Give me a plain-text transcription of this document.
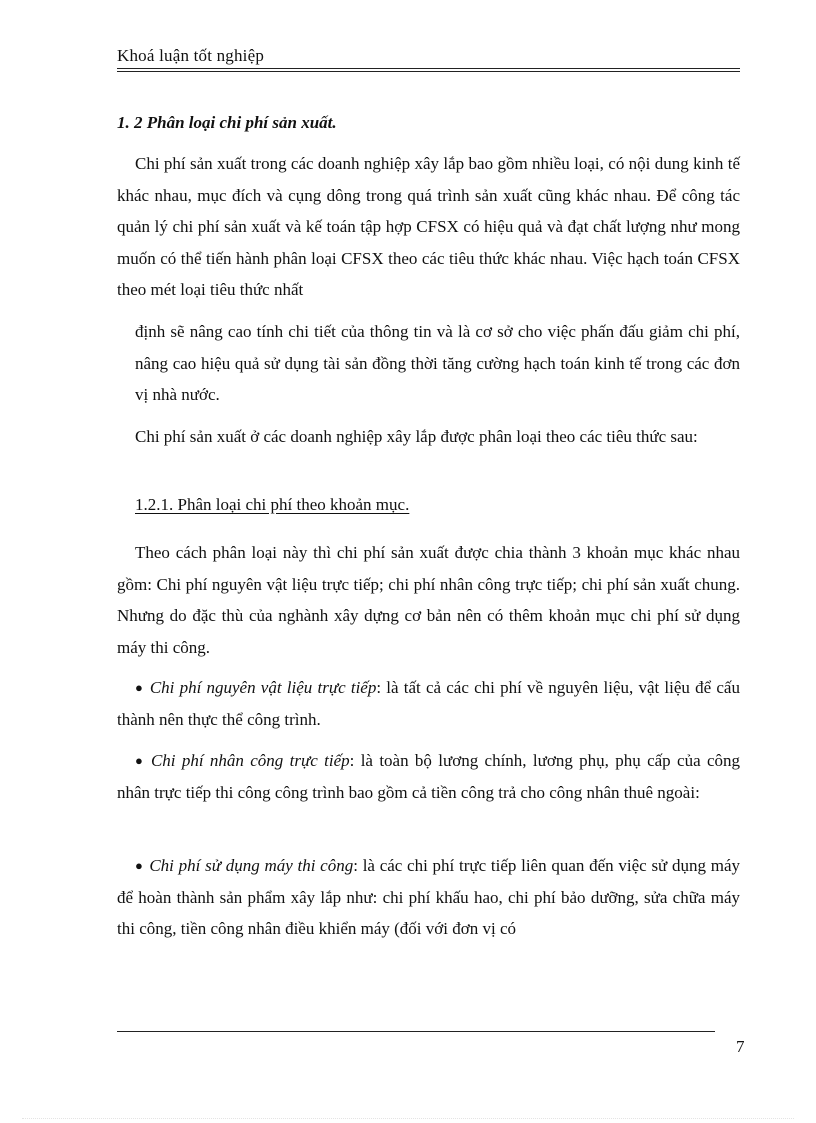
Khoá luận tốt nghiệp
1. 2 Phân loại chi phí sản xuất.
Chi phí sản xuất trong các doanh nghiệp xây lắp bao gồm nhiều loại, có nội dung kinh tế khác nhau, mục đích và cụng dông trong quá trình sản xuất cũng khác nhau. Để công tác quản lý chi phí sản xuất và kế toán tập hợp CFSX có hiệu quả và đạt chất lượng như mong muốn có thể tiến hành phân loại CFSX theo các tiêu thức khác nhau. Việc hạch toán CFSX theo mét loại tiêu thức nhất
định sẽ nâng cao tính chi tiết của thông tin và là cơ sở cho việc phấn đấu giảm chi phí, nâng cao hiệu quả sử dụng tài sản đồng thời tăng cường hạch toán kinh tế trong các đơn vị nhà nước.
Chi phí sản xuất ở các doanh nghiệp xây lắp được phân loại theo các tiêu thức sau:
1.2.1. Phân loại chi phí theo khoản mục.
Theo cách phân loại này thì chi phí sản xuất được chia thành 3 khoản mục khác nhau gồm: Chi phí nguyên vật liệu trực tiếp; chi phí nhân công trực tiếp; chi phí sản xuất chung. Nhưng do đặc thù của nghành xây dựng cơ bản nên có thêm khoản mục chi phí sử dụng máy thi công.
● Chi phí nguyên vật liệu trực tiếp: là tất cả các chi phí về nguyên liệu, vật liệu để cấu thành nên thực thể công trình.
● Chi phí nhân công trực tiếp: là toàn bộ lương chính, lương phụ, phụ cấp của công nhân trực tiếp thi công công trình bao gồm cả tiền công trả cho công nhân thuê ngoài:
● Chi phí sử dụng máy thi công: là các chi phí trực tiếp liên quan đến việc sử dụng máy để hoàn thành sản phẩm xây lắp như: chi phí khấu hao, chi phí bảo dưỡng, sửa chữa máy thi công, tiền công nhân điều khiển máy (đối với đơn vị có
7
